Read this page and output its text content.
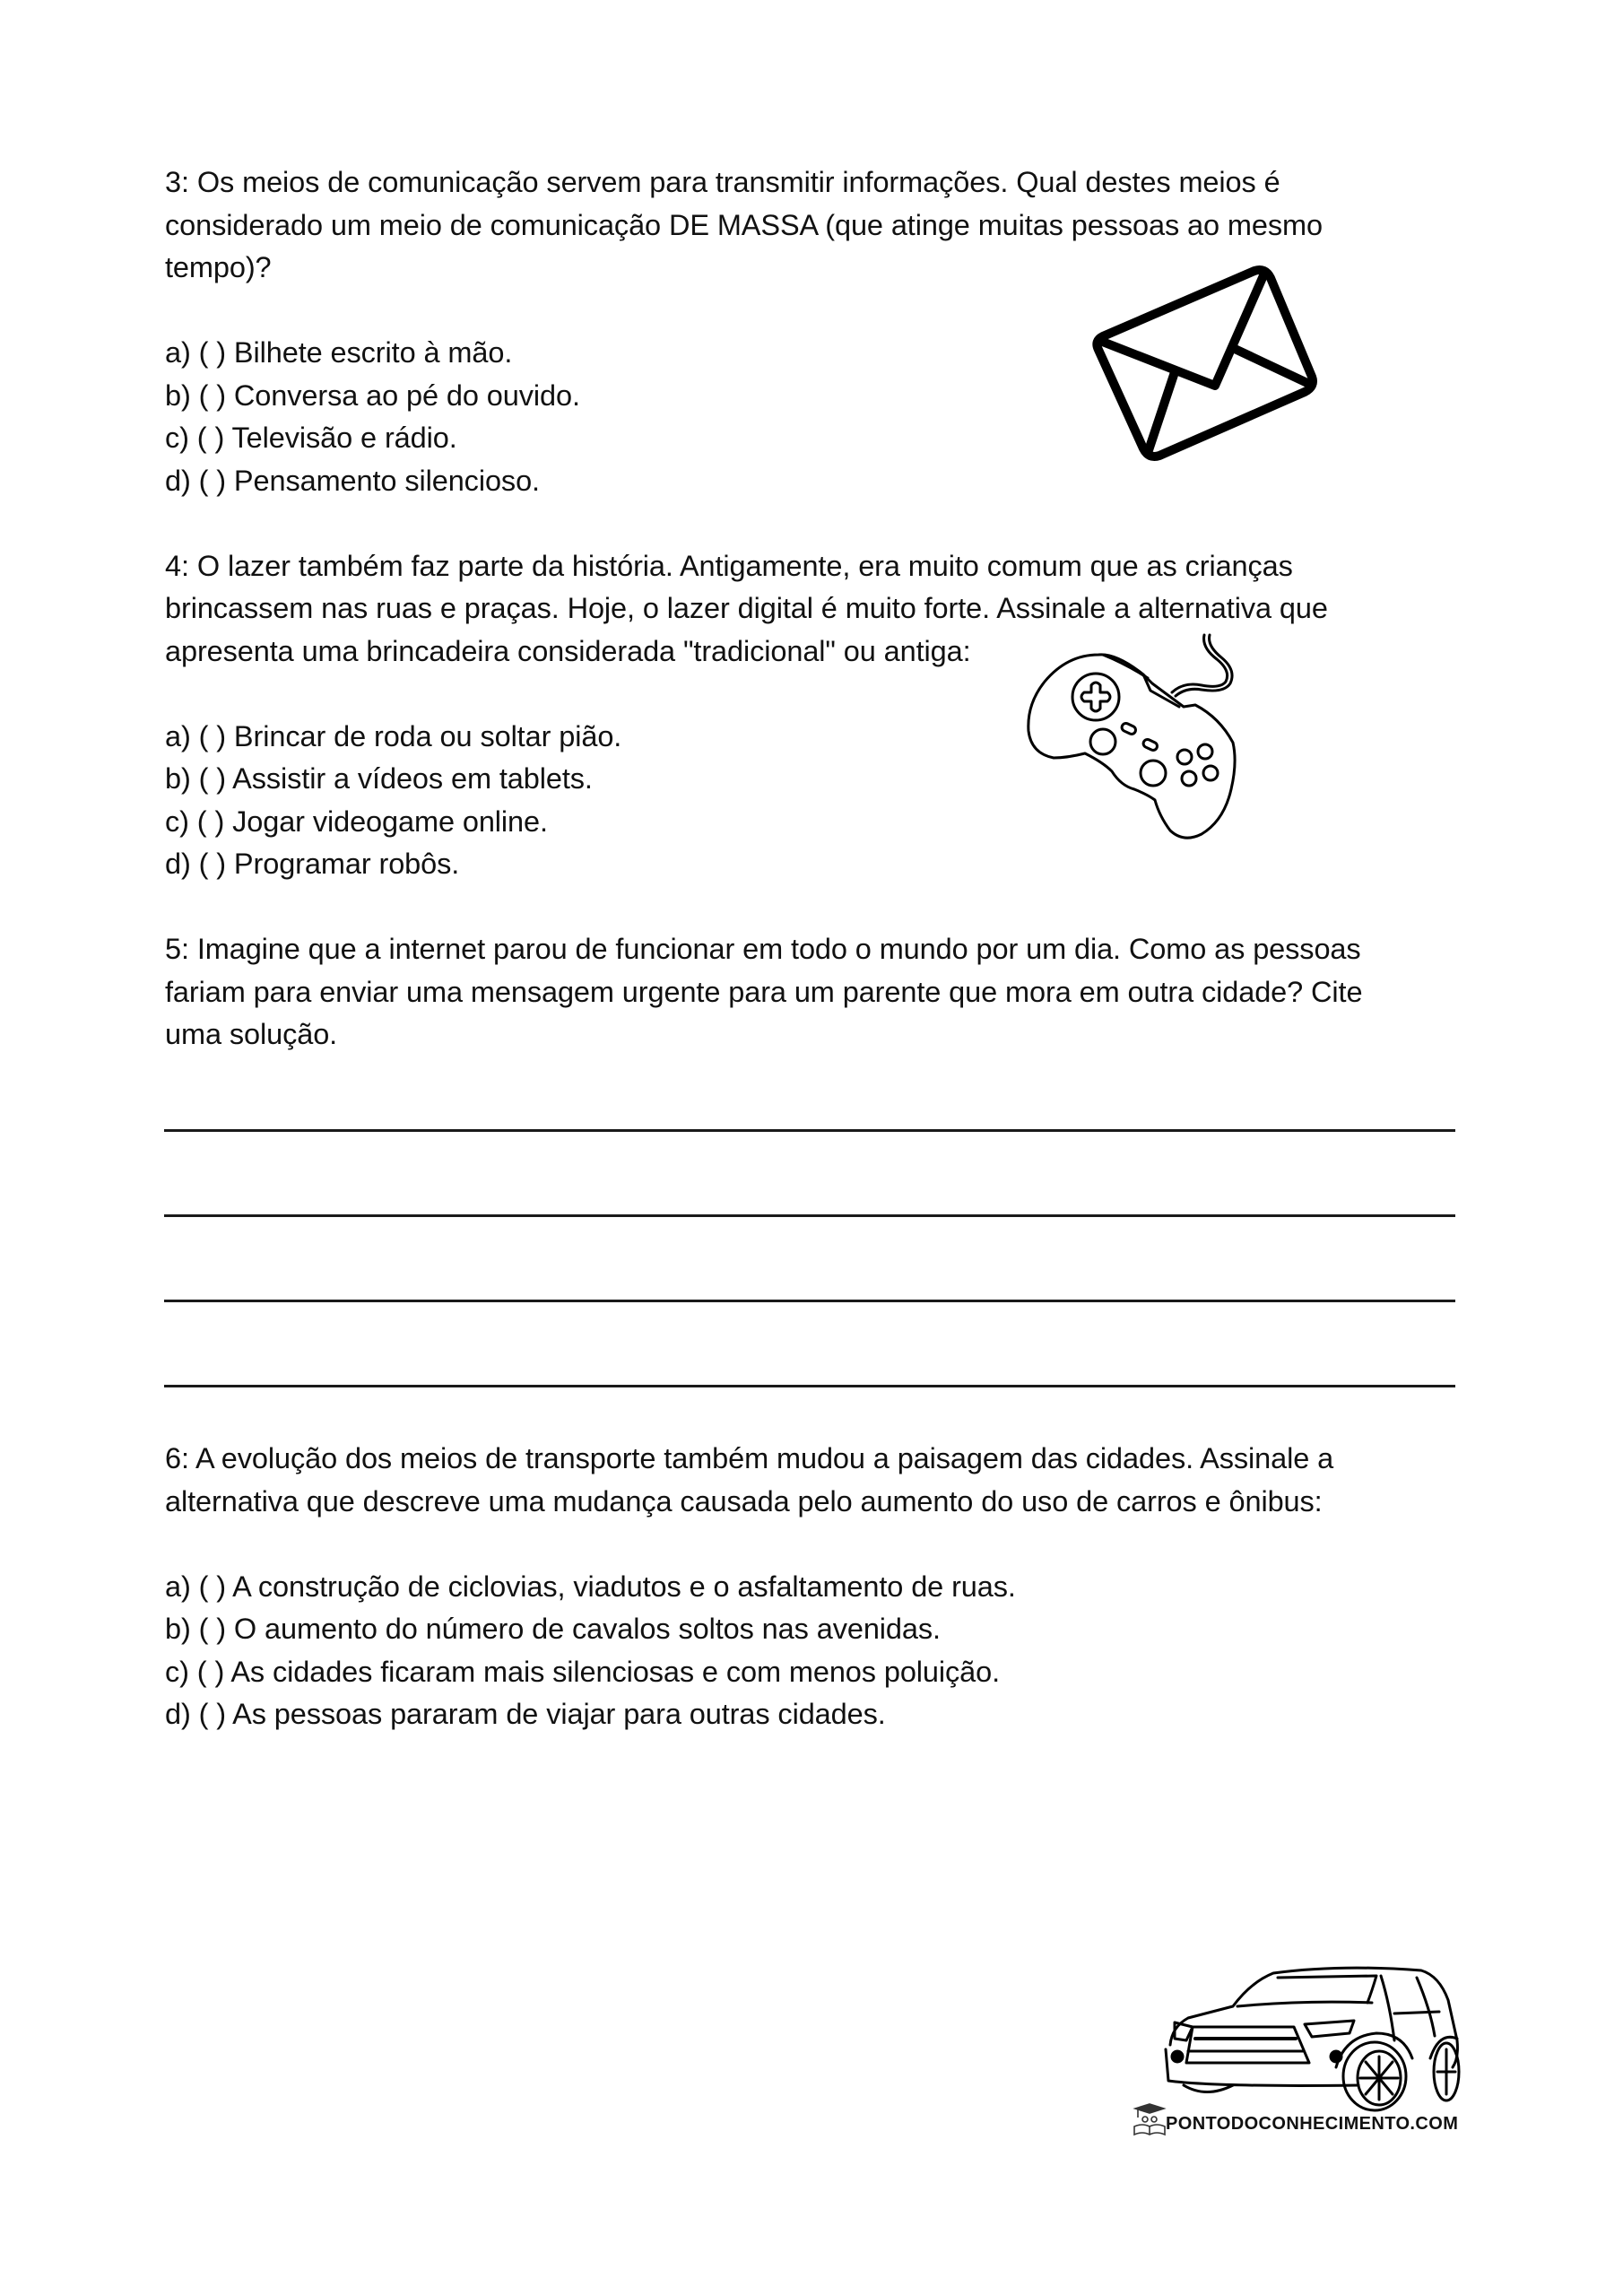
3: Os meios de comunicação servem para transmitir informações. Qual destes meios é
considerado um meio de comunicação DE MASSA (que atinge muitas pessoas ao mesmo
tempo)?
a) ( ) Bilhete escrito à mão.
b) ( ) Conversa ao pé do ouvido.
c) ( ) Televisão e rádio.
d) ( ) Pensamento silencioso.
4: O lazer também faz parte da história. Antigamente, era muito comum que as crianças
brincassem nas ruas e praças. Hoje, o lazer digital é muito forte. Assinale a alternativa que
apresenta uma brincadeira considerada "tradicional" ou antiga:
a) ( ) Brincar de roda ou soltar pião.
b) ( ) Assistir a vídeos em tablets.
c) ( ) Jogar videogame online.
d) ( ) Programar robôs.
5: Imagine que a internet parou de funcionar em todo o mundo por um dia. Como as pessoas
fariam para enviar uma mensagem urgente para um parente que mora em outra cidade? Cite
uma solução.
6: A evolução dos meios de transporte também mudou a paisagem das cidades. Assinale a
alternativa que descreve uma mudança causada pelo aumento do uso de carros e ônibus:
a) ( ) A construção de ciclovias, viadutos e o asfaltamento de ruas.
b) ( ) O aumento do número de cavalos soltos nas avenidas.
c) ( ) As cidades ficaram mais silenciosas e com menos poluição.
d) ( ) As pessoas pararam de viajar para outras cidades.
PONTODOCONHECIMENTO.COM
